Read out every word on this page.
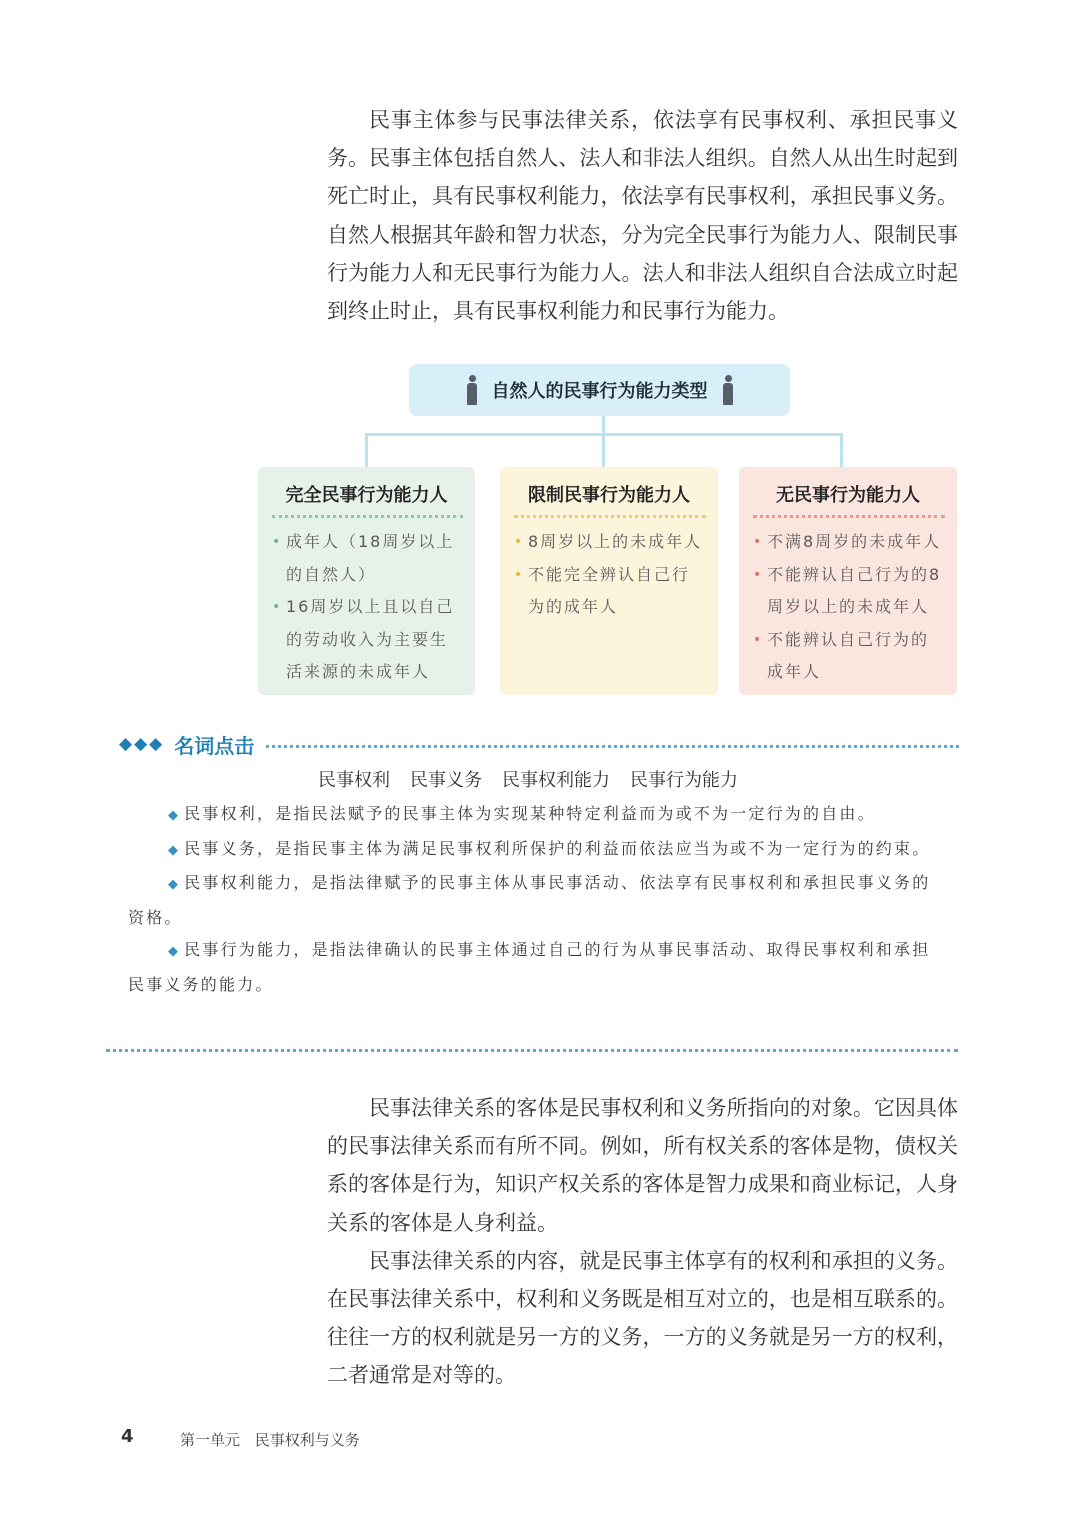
民事主体参与民事法律关系，依法享有民事权利、承担民事义务。民事主体包括自然人、法人和非法人组织。自然人从出生时起到死亡时止，具有民事权利能力，依法享有民事权利，承担民事义务。自然人根据其年龄和智力状态，分为完全民事行为能力人、限制民事行为能力人和无民事行为能力人。法人和非法人组织自合法成立时起到终止时止，具有民事权利能力和民事行为能力。

自然人的民事行为能力类型
完全民事行为能力人
• 成年人（18周岁以上的自然人）
• 16周岁以上且以自己的劳动收入为主要生活来源的未成年人
限制民事行为能力人
• 8周岁以上的未成年人
• 不能完全辨认自己行为的成年人
无民事行为能力人
• 不满8周岁的未成年人
• 不能辨认自己行为的8周岁以上的未成年人
• 不能辨认自己行为的成年人
◆◆◆ 名词点击
民事权利 民事义务 民事权利能力 民事行为能力

◆ 民事权利，是指民法赋予的民事主体为实现某种特定利益而为或不为一定行为的自由。

◆ 民事义务，是指民事主体为满足民事权利所保护的利益而依法应当为或不为一定行为的约束。

◆ 民事权利能力，是指法律赋予的民事主体从事民事活动、依法享有民事权利和承担民事义务的资格。

◆ 民事行为能力，是指法律确认的民事主体通过自己的行为从事民事活动、取得民事权利和承担民事义务的能力。

民事法律关系的客体是民事权利和义务所指向的对象。它因具体的民事法律关系而有所不同。例如，所有权关系的客体是物，债权关系的客体是行为，知识产权关系的客体是智力成果和商业标记，人身关系的客体是人身利益。

民事法律关系的内容，就是民事主体享有的权利和承担的义务。在民事法律关系中，权利和义务既是相互对立的，也是相互联系的。往往一方的权利就是另一方的义务，一方的义务就是另一方的权利，二者通常是对等的。

4	第一单元 民事权利与义务
